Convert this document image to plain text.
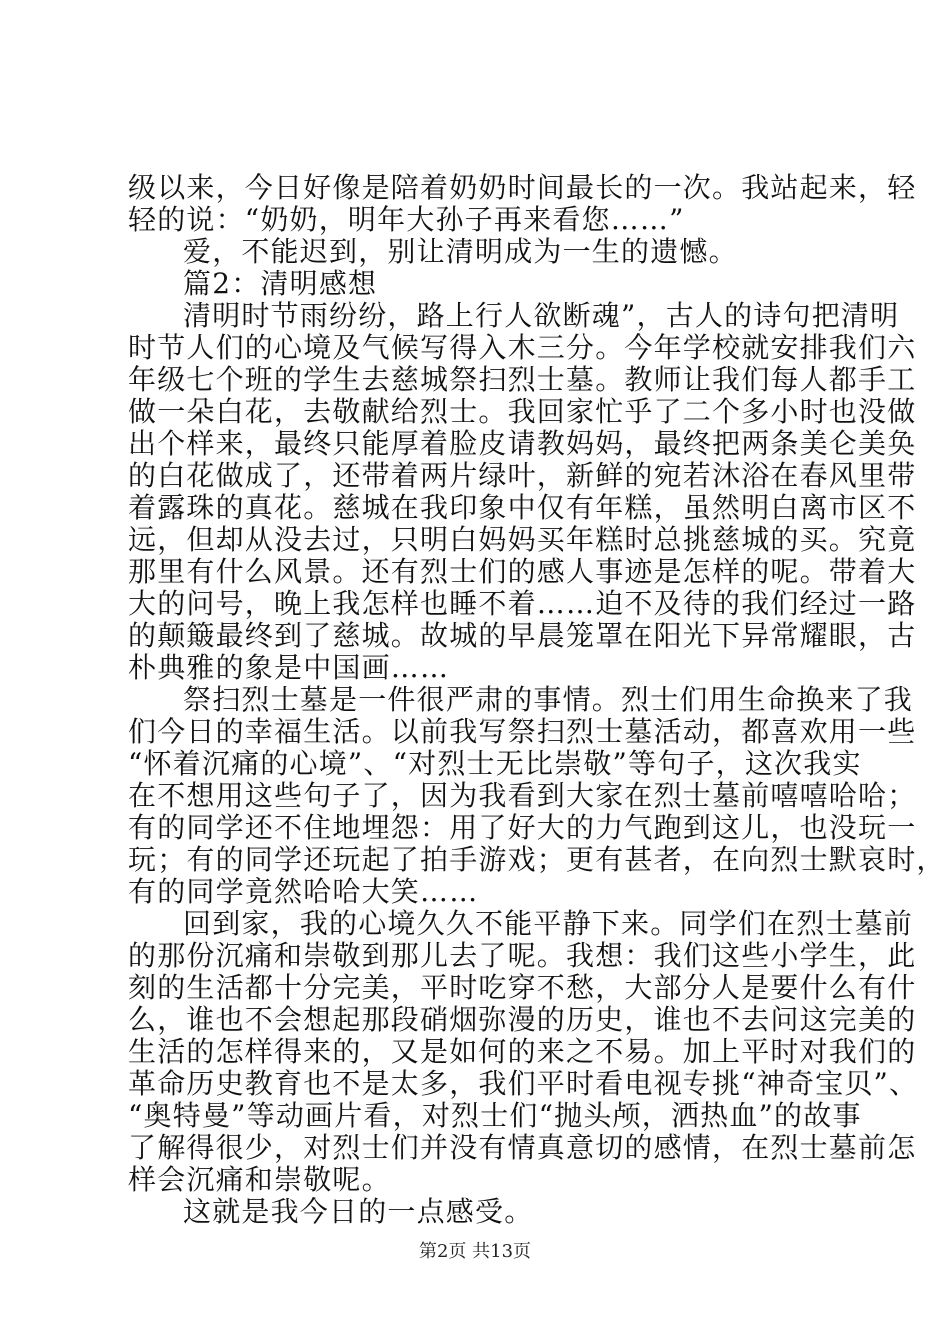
级以来，今日好像是陪着奶奶时间最长的一次。我站起来，轻
轻的说：“奶奶，明年大孙子再来看您……”
爱，不能迟到，别让清明成为一生的遗憾。
篇2：清明感想
清明时节雨纷纷，路上行人欲断魂”，古人的诗句把清明
时节人们的心境及气候写得入木三分。今年学校就安排我们六
年级七个班的学生去慈城祭扫烈士墓。教师让我们每人都手工
做一朵白花，去敬献给烈士。我回家忙乎了二个多小时也没做
出个样来，最终只能厚着脸皮请教妈妈，最终把两条美仑美奂
的白花做成了，还带着两片绿叶，新鲜的宛若沐浴在春风里带
着露珠的真花。慈城在我印象中仅有年糕，虽然明白离市区不
远，但却从没去过，只明白妈妈买年糕时总挑慈城的买。究竟
那里有什么风景。还有烈士们的感人事迹是怎样的呢。带着大
大的问号，晚上我怎样也睡不着……迫不及待的我们经过一路
的颠簸最终到了慈城。故城的早晨笼罩在阳光下异常耀眼，古
朴典雅的象是中国画……
祭扫烈士墓是一件很严肃的事情。烈士们用生命换来了我
们今日的幸福生活。以前我写祭扫烈士墓活动，都喜欢用一些
“怀着沉痛的心境”、“对烈士无比崇敬”等句子，这次我实
在不想用这些句子了，因为我看到大家在烈士墓前嘻嘻哈哈；
有的同学还不住地埋怨：用了好大的力气跑到这儿，也没玩一
玩；有的同学还玩起了拍手游戏；更有甚者，在向烈士默哀时，
有的同学竟然哈哈大笑……
回到家，我的心境久久不能平静下来。同学们在烈士墓前
的那份沉痛和崇敬到那儿去了呢。我想：我们这些小学生，此
刻的生活都十分完美，平时吃穿不愁，大部分人是要什么有什
么，谁也不会想起那段硝烟弥漫的历史，谁也不去问这完美的
生活的怎样得来的，又是如何的来之不易。加上平时对我们的
革命历史教育也不是太多，我们平时看电视专挑“神奇宝贝”、
“奥特曼”等动画片看，对烈士们“抛头颅，洒热血”的故事
了解得很少，对烈士们并没有情真意切的感情，在烈士墓前怎
样会沉痛和崇敬呢。
这就是我今日的一点感受。
第2页 共13页
